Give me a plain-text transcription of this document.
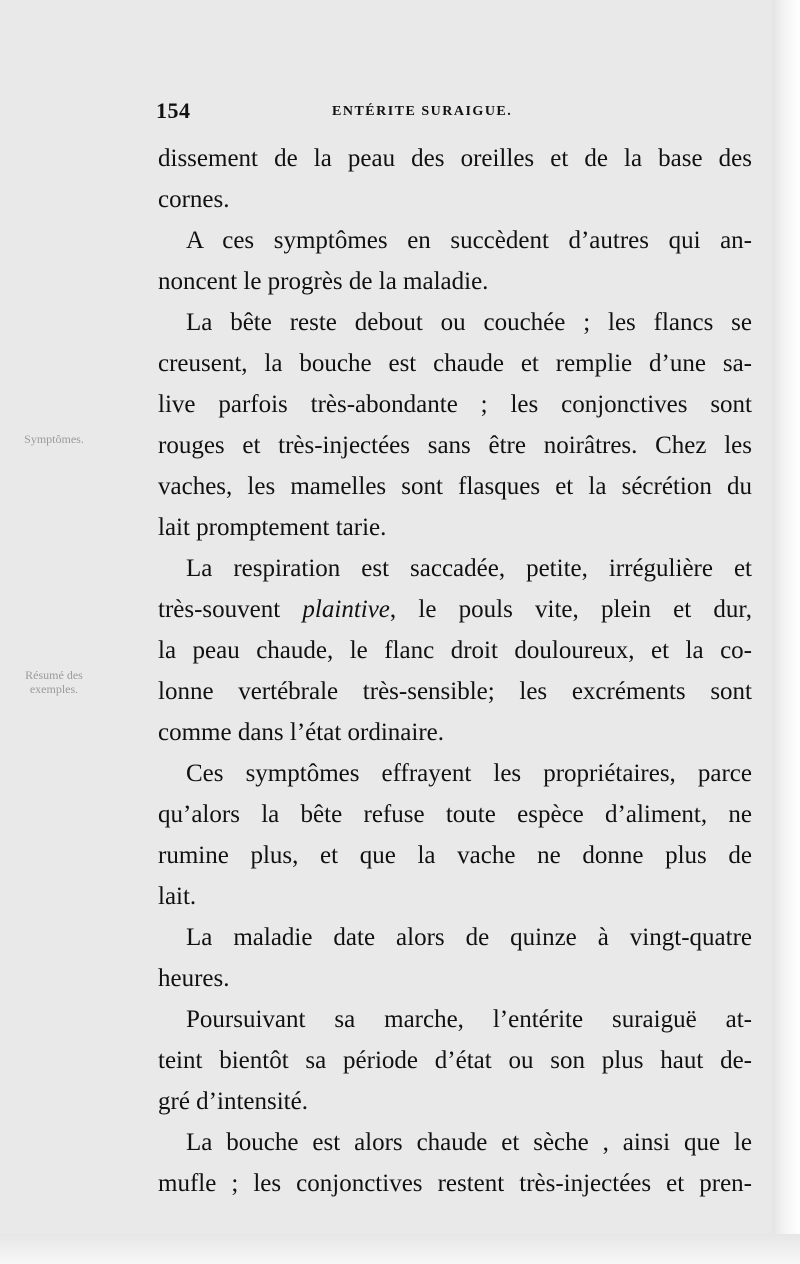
Symptômes.
Résumé des exemples.
154	ENTÉRITE SURAIGUE.
dissement de la peau des oreilles et de la base des
cornes.
A ces symptômes en succèdent d’autres qui an-
noncent le progrès de la maladie.
La bête reste debout ou couchée ; les flancs se
creusent, la bouche est chaude et remplie d’une sa-
live parfois très-abondante ; les conjonctives sont
rouges et très-injectées sans être noirâtres. Chez les
vaches, les mamelles sont flasques et la sécrétion du
lait promptement tarie.
La respiration est saccadée, petite, irrégulière et
très-souvent plaintive, le pouls vite, plein et dur,
la peau chaude, le flanc droit douloureux, et la co-
lonne vertébrale très-sensible; les excréments sont
comme dans l’état ordinaire.
Ces symptômes effrayent les propriétaires, parce
qu’alors la bête refuse toute espèce d’aliment, ne
rumine plus, et que la vache ne donne plus de
lait.
La maladie date alors de quinze à vingt-quatre
heures.
Poursuivant sa marche, l’entérite suraiguë at-
teint bientôt sa période d’état ou son plus haut de-
gré d’intensité.
La bouche est alors chaude et sèche , ainsi que le
mufle ; les conjonctives restent très-injectées et pren-
